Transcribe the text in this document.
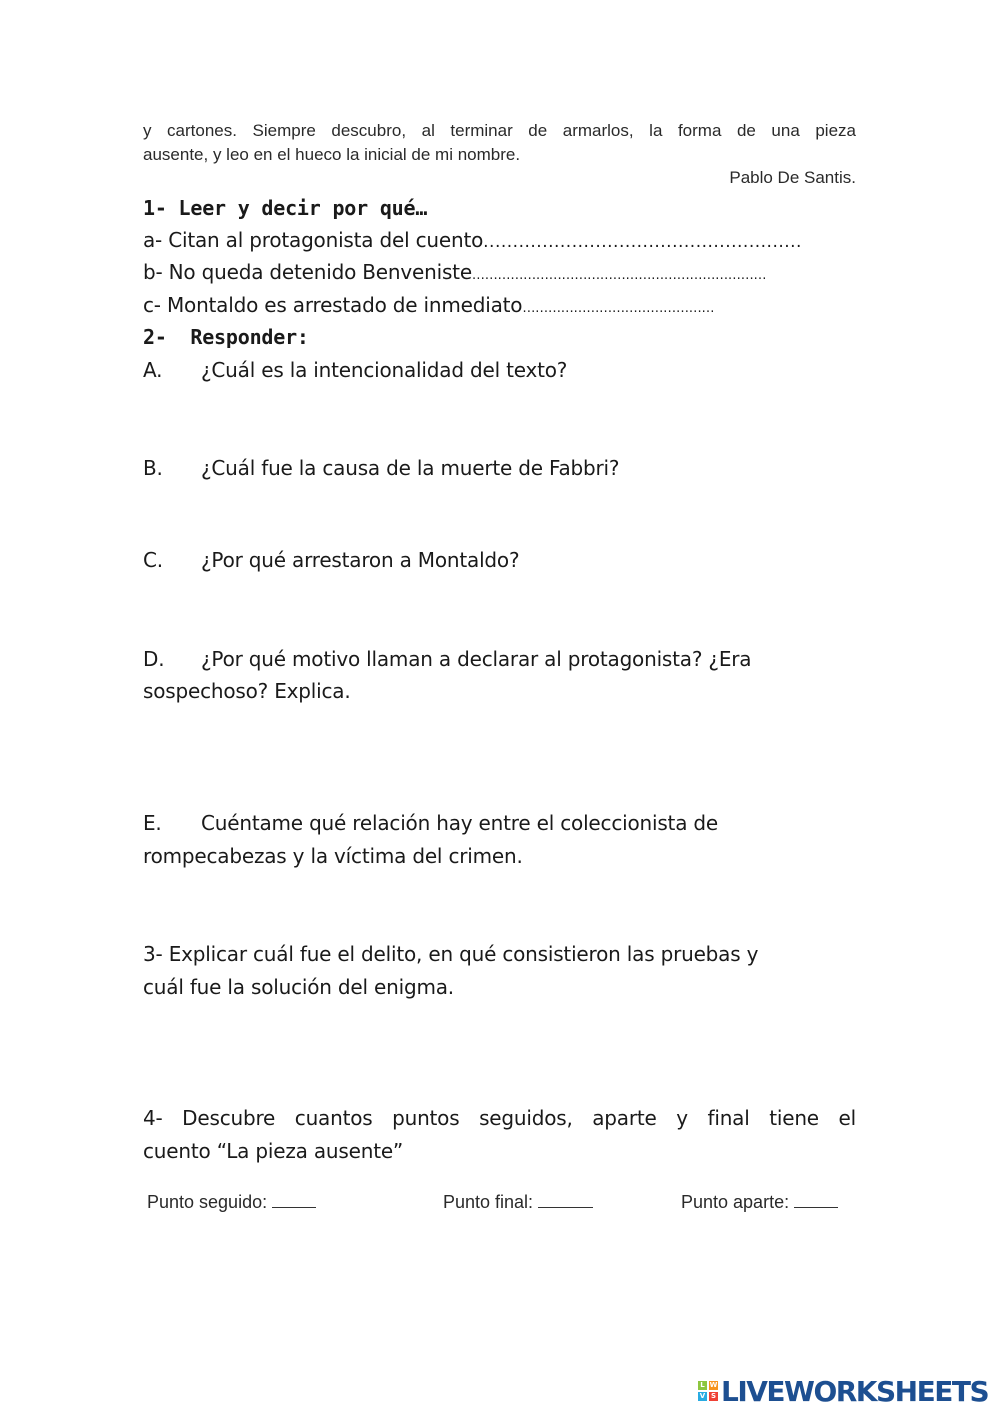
y cartones. Siempre descubro, al terminar de armarlos, la forma de una pieza
ausente, y leo en el hueco la inicial de mi nombre.
Pablo De Santis.
1- Leer y decir por qué…
a- Citan al protagonista del cuento......................................................
b- No queda detenido Benveniste……………………………………………………………
c- Montaldo es arrestado de inmediato………………………………………
2-  Responder:
A. ¿Cuál es la intencionalidad del texto?
B. ¿Cuál fue la causa de la muerte de Fabbri?
C. ¿Por qué arrestaron a Montaldo?
D. ¿Por qué motivo llaman a declarar al protagonista? ¿Era
sospechoso? Explica.
E. Cuéntame qué relación hay entre el coleccionista de
rompecabezas y la víctima del crimen.
3- Explicar cuál fue el delito, en qué consistieron las pruebas y
cuál fue la solución del enigma.
4- Descubre cuantos puntos seguidos, aparte y final tiene el
cuento “La pieza ausente”
Punto seguido:	Punto final:	Punto aparte:
L W
V S LIVEWORKSHEETS
